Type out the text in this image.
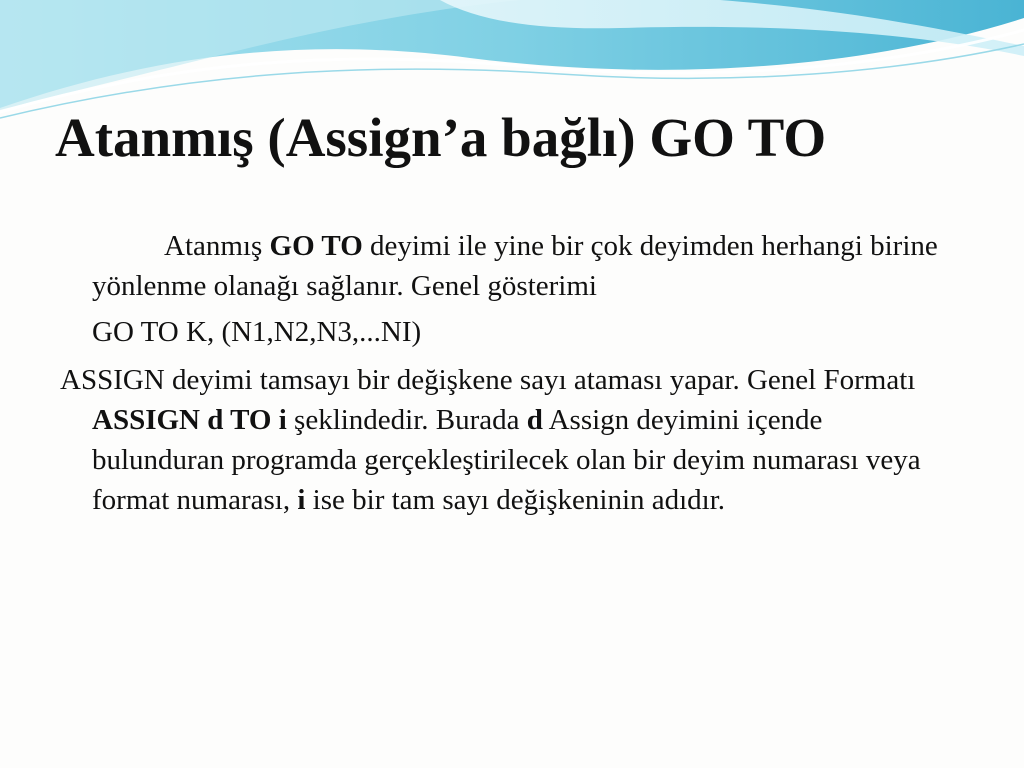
Atanmış (Assign’a bağlı) GO TO

Atanmış GO TO deyimi ile yine bir çok deyimden herhangi birine yönlenme olanağı sağlanır. Genel gösterimi

GO TO K, (N1,N2,N3,...NI)

ASSIGN deyimi tamsayı bir değişkene sayı ataması yapar. Genel Formatı ASSIGN d TO i şeklindedir. Burada d Assign deyimini içende bulunduran programda gerçekleştirilecek olan bir deyim numarası veya format numarası, i ise bir tam sayı değişkeninin adıdır.
